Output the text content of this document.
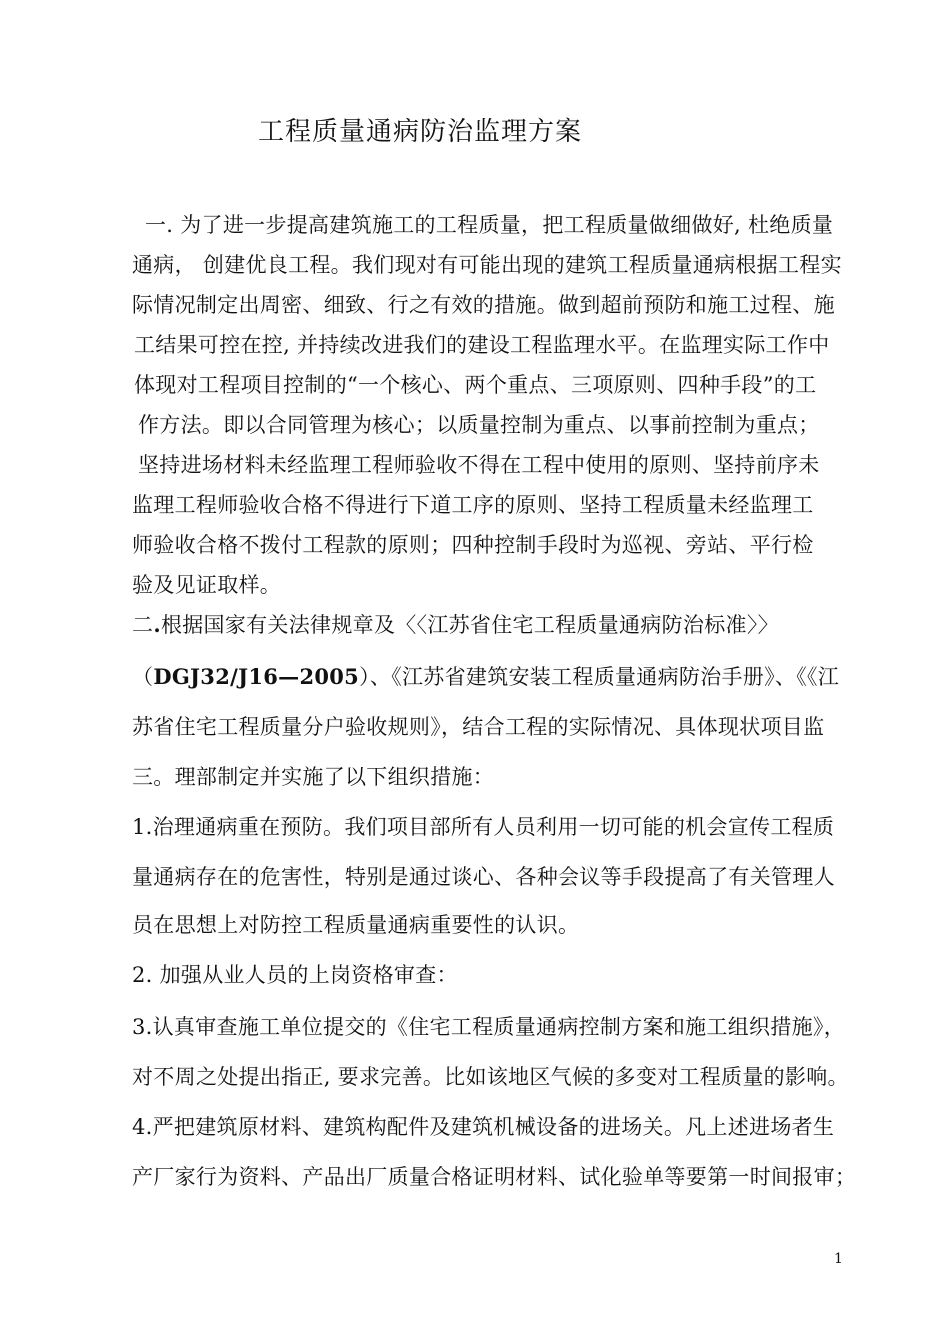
工程质量通病防治监理方案
一. 为了进一步提高建筑施工的工程质量，把工程质量做细做好, 杜绝质量
通病， 创建优良工程。我们现对有可能出现的建筑工程质量通病根据工程实
际情况制定出周密、细致、行之有效的措施。做到超前预防和施工过程、施
工结果可控在控, 并持续改进我们的建设工程监理水平。在监理实际工作中
体现对工程项目控制的“一个核心、两个重点、三项原则、四种手段”的工
作方法。即以合同管理为核心；以质量控制为重点、以事前控制为重点；
坚持进场材料未经监理工程师验收不得在工程中使用的原则、坚持前序未
监理工程师验收合格不得进行下道工序的原则、坚持工程质量未经监理工
师验收合格不拨付工程款的原则；四种控制手段时为巡视、旁站、平行检
验及见证取样。
二.根据国家有关法律规章及〈〈江苏省住宅工程质量通病防治标准〉〉
（DGJ32/J16—2005）、《江苏省建筑安装工程质量通病防治手册》、《《江
苏省住宅工程质量分户验收规则》，结合工程的实际情况、具体现状项目监
三。理部制定并实施了以下组织措施：
1.治理通病重在预防。我们项目部所有人员利用一切可能的机会宣传工程质
量通病存在的危害性，特别是通过谈心、各种会议等手段提高了有关管理人
员在思想上对防控工程质量通病重要性的认识。
2. 加强从业人员的上岗资格审查：
3.认真审查施工单位提交的《住宅工程质量通病控制方案和施工组织措施》，
对不周之处提出指正, 要求完善。比如该地区气候的多变对工程质量的影响。
4.严把建筑原材料、建筑构配件及建筑机械设备的进场关。凡上述进场者生
产厂家行为资料、产品出厂质量合格证明材料、试化验单等要第一时间报审；
1
